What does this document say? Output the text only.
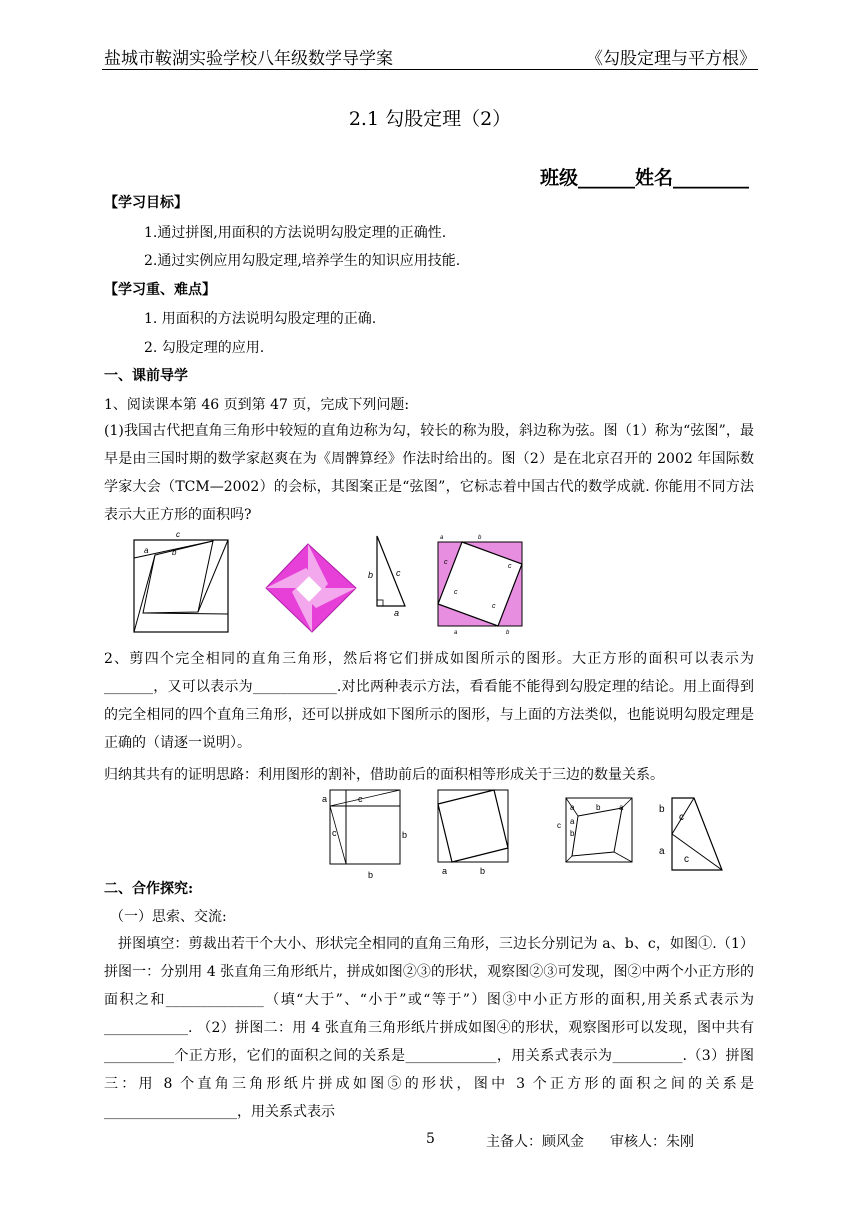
盐城市鞍湖实验学校八年级数学导学案	《勾股定理与平方根》
2.1 勾股定理（2）
班级______姓名________
【学习目标】
1.通过拼图,用面积的方法说明勾股定理的正确性.
2.通过实例应用勾股定理,培养学生的知识应用技能.
【学习重、难点】
1. 用面积的方法说明勾股定理的正确.
2. 勾股定理的应用.
一、课前导学
1、阅读课本第 46 页到第 47 页，完成下列问题:
(1)我国古代把直角三角形中较短的直角边称为勾，较长的称为股，斜边称为弦。图（1）称为“弦图”，最早是由三国时期的数学家赵爽在为《周髀算经》作法时给出的。图（2）是在北京召开的 2002 年国际数学家大会（TCM—2002）的会标，其图案正是“弦图”，它标志着中国古代的数学成就. 你能用不同方法表示大正方形的面积吗?
c
a	b
b
a
c
c
c
c
c
a	b
a	b
2、剪四个完全相同的直角三角形，然后将它们拼成如图所示的图形。大正方形的面积可以表示为_______，又可以表示为____________.对比两种表示方法，看看能不能得到勾股定理的结论。用上面得到的完全相同的四个直角三角形，还可以拼成如下图所示的图形，与上面的方法类似，也能说明勾股定理是正确的（请逐一说明）。
归纳其共有的证明思路：利用图形的割补，借助前后的面积相等形成关于三边的数量关系。
a	c
c	b
b	a	b
a	b a
a
b
c
b
c
a
c
二、合作探究:
（一）思索、交流:
拼图填空：剪裁出若干个大小、形状完全相同的直角三角形，三边长分别记为 a、b、c，如图①.（1）拼图一：分别用 4 张直角三角形纸片，拼成如图②③的形状，观察图②③可发现，图②中两个小正方形的面积之和______________（填“大于”、“小于”或“等于”）图③中小正方形的面积,用关系式表示为____________. （2）拼图二：用 4 张直角三角形纸片拼成如图④的形状，观察图形可以发现，图中共有__________个正方形，它们的面积之间的关系是_____________，用关系式表示为__________.（3）拼图三：用 8 个直角三角形纸片拼成如图⑤的形状，图中 3 个正方形的面积之间的关系是___________________，用关系式表示
5	主备人：顾风金 审核人：朱刚
